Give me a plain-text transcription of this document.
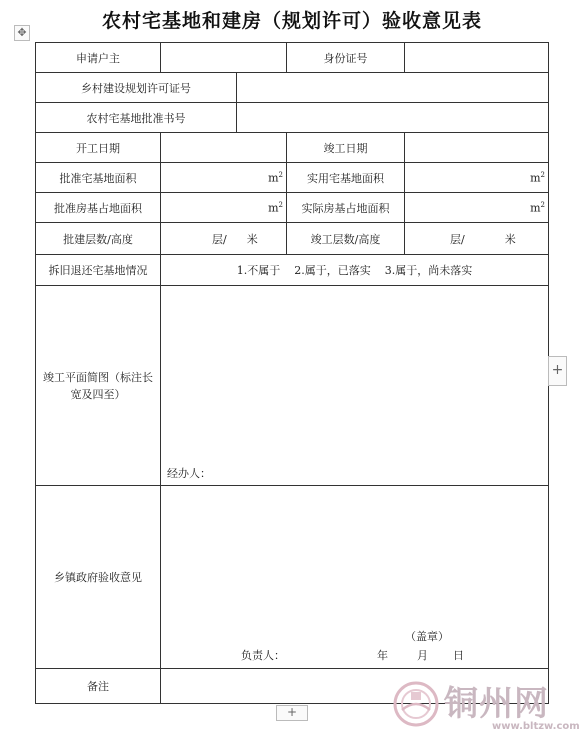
农村宅基地和建房（规划许可）验收意见表
✥
申请户主			身份证号	
乡村建设规划许可证号				
农村宅基地批准书号				
开工日期			竣工日期	
批准宅基地面积	$m^2$		实用宅基地面积	$m^2$
批准房基占地面积	$m^2$		实际房基占地面积	$m^2$
批建层数/高度	层/ 米		竣工层数/高度	层/ 米
拆旧退还宅基地情况	1.不属于    2.属于，已落实    3.属于，尚未落实			
竣工平面简图（标注长宽及四至）	经办人：			

乡镇政府验收意见	（盖章）
负责人： 年 月 日			

备注				
+
+	铜州网
www.bltzw.com
